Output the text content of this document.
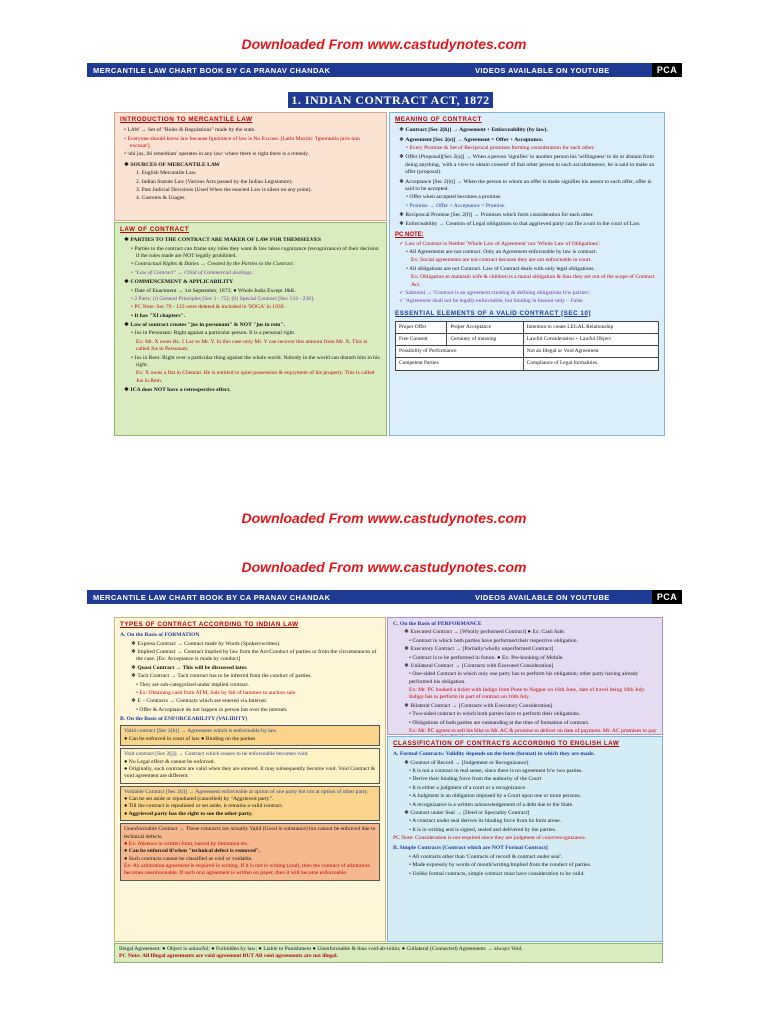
Downloaded From www.castudynotes.com
MERCANTILE LAW CHART BOOK BY CA PRANAV CHANDAK	VIDEOS AVAILABLE ON YOUTUBE	PCA
1. INDIAN CONTRACT ACT, 1872
INTRODUCTION TO MERCANTILE LAW
• LAW → Set of "Rules & Regulations" made by the state.
• Everyone should know law because Ignorance of law is No Excuse. [Latin Maxim: 'Ignorantia juris non excusat'].
• 'ubi jus, ibi remedium' operates in any law: where there is right there is a remedy.
❖ SOURCES OF MERCANTILE LAW
1. English Mercantile Law.
2. Indian Statute Law (Various Acts passed by the Indian Legislature).
3. Past Judicial Decisions (Used When the enacted Law is silent on any point).
4. Customs & Usages.
LAW OF CONTRACT
❖ PARTIES TO THE CONTRACT ARE MAKER OF LAW FOR THEMSELVES
• Parties to the contract can frame any rules they want & law takes cognizance (recognizance) of their decision if the rules made are NOT legally prohibited.
• Contractual Rights & Duties → Created by the Parties to the Contract.
• "Law of Contract" → Child of Commercial dealings.
❖ COMMENCEMENT & APPLICABILITY
• Date of Enactment → 1st September, 1872; ● Whole India Except J&K.
• 2 Parts: (i) General Principles [Sec 1 - 75]; (ii) Special Contract [Sec 124 - 238].
• PC Note: Sec 76 - 123 were deleted & included in 'SOGA' in 1930.
• It has "XI chapters".
❖ Law of contract creates "jus in personam" & NOT "jus in rem".
• Jus in Personam: Right against a particular person. It is a personal right.
Ex: Mr. X owes Rs. 1 Lac to Mr. Y. In this case only Mr. Y can recover this amount from Mr. X. This is called Jus in Personam.
• Jus in Rem: Right over a particular thing against the whole world. Nobody in the world can disturb him in his right.
Ex: X owns a flat in Chennai. He is entitled to quiet possession & enjoyment of his property. This is called Jus in Rem.
❖ ICA does NOT have a retrospective effect.
MEANING OF CONTRACT
❖ Contract [Sec 2(h)] → Agreement + Enforceability (by law).
❖ Agreement [Sec 2(e)] → Agreement = Offer + Acceptance.
• Every Promise & Set of Reciprocal promises forming consideration for each other.
❖ Offer (Proposal)[Sec 2(a)] → When a person 'signifies' to another person his 'willingness' to do or abstain from doing anything, 'with a view to obtain consent' of that other person to such act/abstinence, he is said to make an offer (proposal).
❖ Acceptance [Sec 2(b)] → When the person to whom an offer is made signifies his assent to such offer, offer is said to be accepted.
• Offer when accepted becomes a promise.
• Promise → Offer + Acceptance = Promise.
❖ Reciprocal Promise [Sec 2(f)] → Promises which form consideration for each other.
❖ Enforceability → Creation of Legal obligations so that aggrieved party can file a suit in the court of Law.
PC NOTE:
✓ Law of Contract is Neither 'Whole Law of Agreement' nor 'Whole Law of Obligations'.
• All Agreements are not contract. Only an Agreement enforceable by law is contract.
Ex: Social agreements are not contract because they are not enforceable in court.
• All obligations are not Contract. Law of Contract deals with only legal obligations.
Ex: Obligation to maintain wife & children is a moral obligation & thus they are out of the scope of Contract Act.
✓ Salmond → 'Contract is an agreement creating & defining obligations b/w parties'.
✓ 'Agreement shall not be legally enforceable, but binding in honour only – False.
ESSENTIAL ELEMENTS OF A VALID CONTRACT [SEC 10]
Proper Offer	Proper Acceptance	Intention to create LEGAL Relationship
Free Consent	Certainty of meaning	Lawful Consideration + Lawful Object
Possibility of Performance		Not an Illegal or Void Agreement
Competent Parties		Compliance of Legal formalities.
Downloaded From www.castudynotes.com
Downloaded From www.castudynotes.com
MERCANTILE LAW CHART BOOK BY CA PRANAV CHANDAK	VIDEOS AVAILABLE ON YOUTUBE	PCA
TYPES OF CONTRACT ACCORDING TO INDIAN LAW
A. On the Basis of FORMATION
❖ Express Contract → Contract made by Words (Spoken/written).
❖ Implied Contract → Contract implied by law from the Act/Conduct of parties or from the circumstances of the case. [Ex: Acceptance is made by conduct]
❖ Quasi Contract → This will be discussed later.
❖ Tacit Contract → Tacit contract has to be inferred from the conduct of parties.
• They are sub-categorized under implied contract.
• Ex: Obtaining cash from ATM, Sale by fall of hammer in auction sale.
❖ E – Contracts → Contracts which are entered via Internet.
• Offer & Acceptance do not happen in person but over the internet.
B. On the Basis of ENFORCEABILITY (VALIDITY)
Valid contract [Sec 2(h)] → Agreement which is enforceable by law.
● Can be enforced in court of law ● Binding on the parties
Void contract [Sec 2(j)] → Contract which ceases to be enforceable becomes void.
● No Legal effect & cannot be enforced.
● Originally, such contracts are valid when they are entered. It may subsequently become void. Void Contract & void agreement are different.
Voidable Contract [Sec 2(i)] → Agreement enforceable at option of one party but not at option of other party.
● Can be set aside or repudiated (cancelled) by "Aggrieved party".
● Till the contract is repudiated or set aside, it remains a valid contract.
● Aggrieved party has the right to sue the other party.
Unenforceable Contract → These contracts are actually Valid (Good in substance) but cannot be enforced due to technical defects.
● Ex: Absence in written form, barred by limitation etc.
● Can be enforced if/when "technical defect is removed".
● Such contracts cannot be classified as void or voidable.
Ex: An arbitration agreement is required in writing. If it is not in writing (oral), then the contract of arbitration becomes unenforceable. If such oral agreement is written on paper, then it will become enforceable.
C. On the Basis of PERFORMANCE
❖ Executed Contract → [Wholly performed Contract] ● Ex: Cash Sale.
• Contract in which both parties have performed their respective obligation.
❖ Executory Contract → [Partially/wholly unperformed Contract]
• Contract is to be performed in future. ● Ex: Pre-booking of Mobile.
❖ Unilateral Contract → [Contracts with Executed Consideration]
• One-sided Contract in which only one party has to perform his obligation; other party having already performed his obligation.
Ex: Mr. PC booked a ticket with Indigo from Pune to Nagpur on 16th June, date of travel being 16th July. Indigo has to perform its part of contract on 16th July.
❖ Bilateral Contract → [Contracts with Executory Consideration]
• Two-sided contract in which both parties have to perform their obligations.
• Obligations of both parties are outstanding at the time of formation of contract.
Ex: Mr. PC agrees to sell his bike to Mr. AC & promise to deliver on date of payment. Mr. AC promises to pay
CLASSIFICATION OF CONTRACTS ACCORDING TO ENGLISH LAW
A. Formal Contracts: Validity depends on the form (format) in which they are made.
❖ Contract of Record → [Judgement or Recognizance]
• It is not a contract in real sense, since there is no agreement b/w two parties.
• Derive their binding force from the authority of the Court
• It is either a judgment of a court or a recognizance.
• A Judgment is an obligation imposed by a Court upon one or more persons.
• A recognizance is a written acknowledgement of a debt due to the State.
❖ Contract under Seal → [Deed or Speciality Contract]
• A contract under seal derives its binding force from its form alone.
• It is in writing and is signed, sealed and delivered by the parties.
PC Note: Consideration is not required since they are judgment of court/recognizance.
B. Simple Contracts [Contract which are NOT Formal Contract]
• All contracts other than 'Contracts of record & contract under seal'.
• Made expressly by words of mouth/writing/implied from the conduct of parties.
• Unlike formal contracts, simple contract must have consideration to be valid.
Illegal Agreement: ● Object is unlawful; ● Forbidden by law; ● Liable to Punishment ● Unenforceable & thus void-ab-initio; ● Collateral (Connected) Agreements → always Void.
PC Note: All Illegal agreements are void agreement BUT All void agreements are not illegal.
